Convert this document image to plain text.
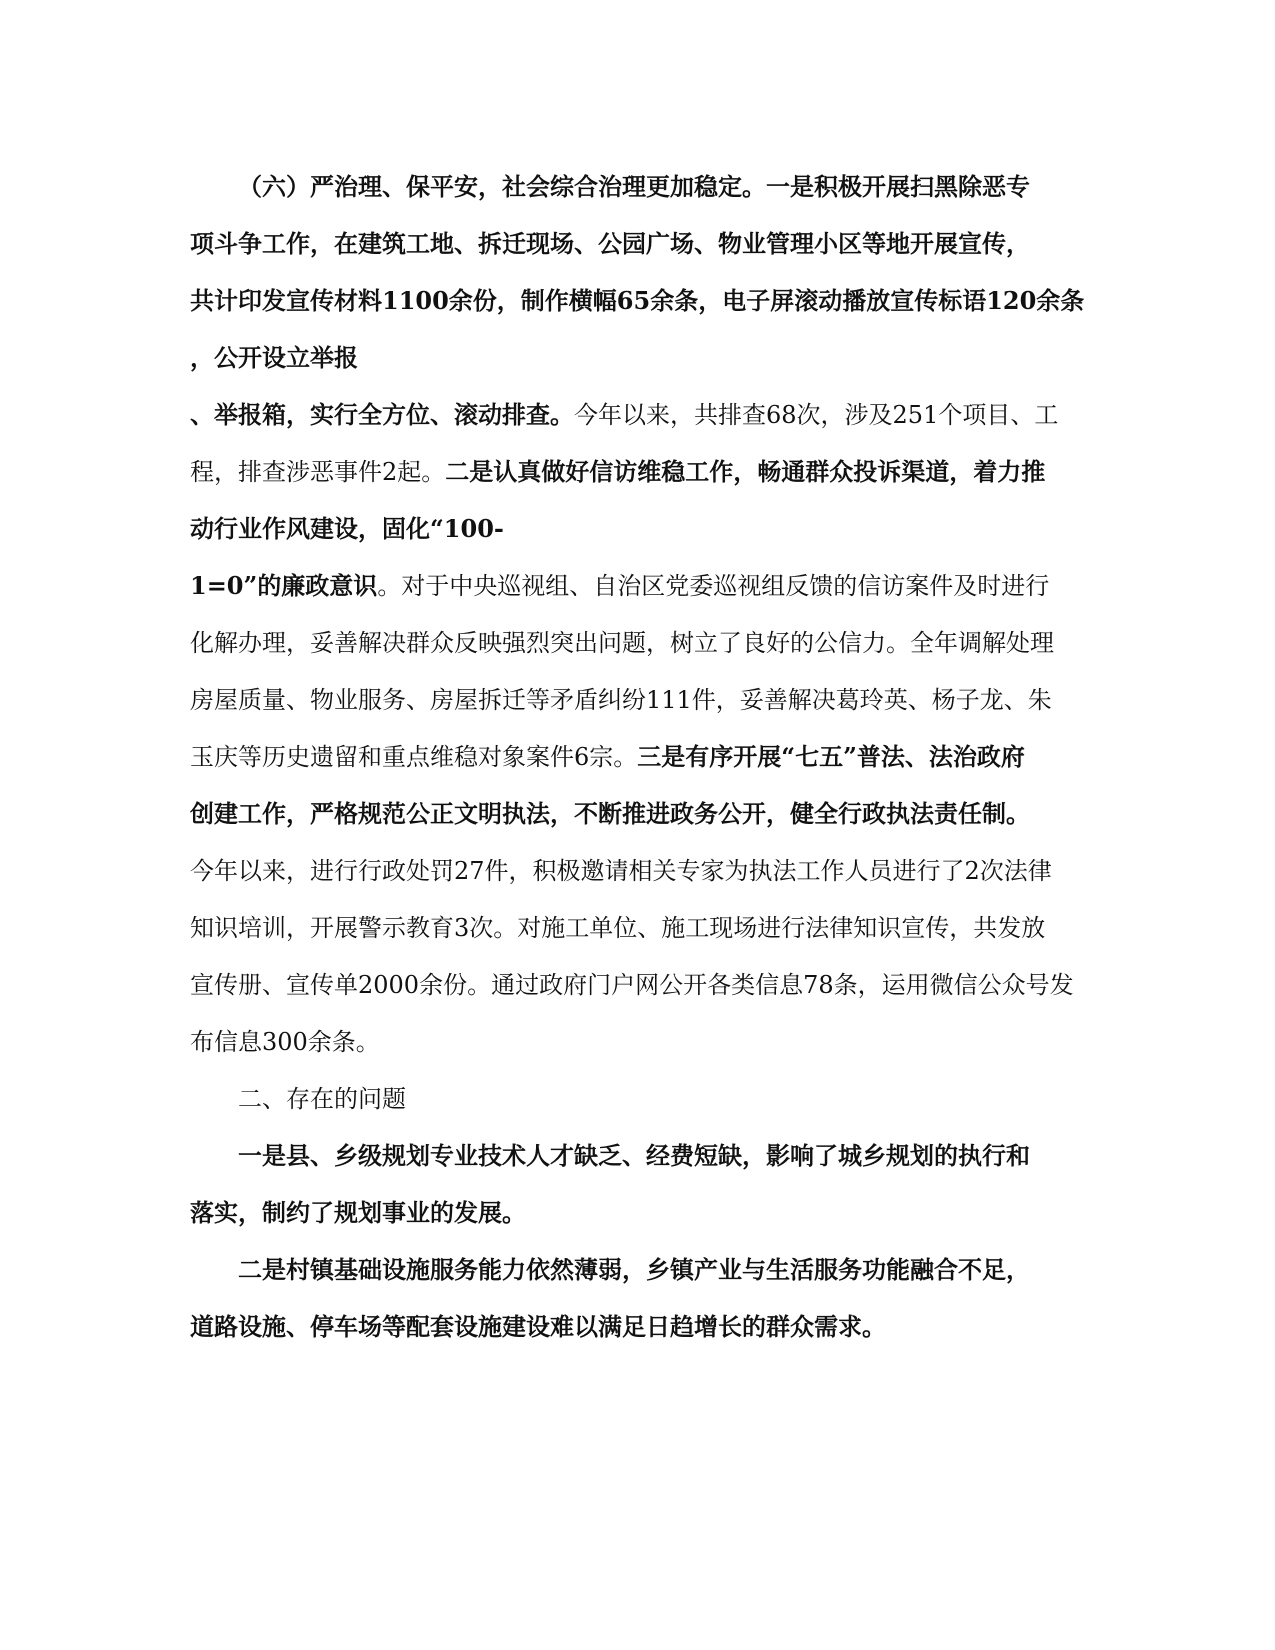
（六）严治理、保平安，社会综合治理更加稳定。一是积极开展扫黑除恶专
项斗争工作，在建筑工地、拆迁现场、公园广场、物业管理小区等地开展宣传，
共计印发宣传材料1100余份，制作横幅65余条，电子屏滚动播放宣传标语120余条
，公开设立举报
、举报箱，实行全方位、滚动排查。今年以来，共排查68次，涉及251个项目、工
程，排查涉恶事件2起。二是认真做好信访维稳工作，畅通群众投诉渠道，着力推
动行业作风建设，固化“100-
1=0”的廉政意识。对于中央巡视组、自治区党委巡视组反馈的信访案件及时进行
化解办理，妥善解决群众反映强烈突出问题，树立了良好的公信力。全年调解处理
房屋质量、物业服务、房屋拆迁等矛盾纠纷111件，妥善解决葛玲英、杨子龙、朱
玉庆等历史遗留和重点维稳对象案件6宗。三是有序开展“七五”普法、法治政府
创建工作，严格规范公正文明执法，不断推进政务公开，健全行政执法责任制。
今年以来，进行行政处罚27件，积极邀请相关专家为执法工作人员进行了2次法律
知识培训，开展警示教育3次。对施工单位、施工现场进行法律知识宣传，共发放
宣传册、宣传单2000余份。通过政府门户网公开各类信息78条，运用微信公众号发
布信息300余条。
二、存在的问题
一是县、乡级规划专业技术人才缺乏、经费短缺，影响了城乡规划的执行和
落实，制约了规划事业的发展。
二是村镇基础设施服务能力依然薄弱，乡镇产业与生活服务功能融合不足，
道路设施、停车场等配套设施建设难以满足日趋增长的群众需求。
